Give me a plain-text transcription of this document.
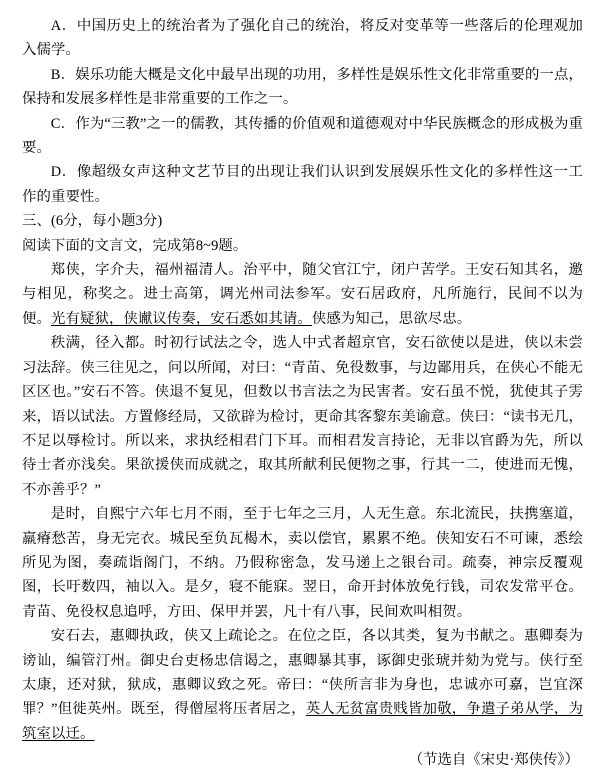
A．中国历史上的统治者为了强化自己的统治，将反对变革等一些落后的伦理观加入儒学。

B．娱乐功能大概是文化中最早出现的功用，多样性是娱乐性文化非常重要的一点，保持和发展多样性是非常重要的工作之一。

C．作为“三教”之一的儒教，其传播的价值观和道德观对中华民族概念的形成极为重要。

D．像超级女声这种文艺节目的出现让我们认识到发展娱乐性文化的多样性这一工作的重要性。

三、(6分，每小题3分)

阅读下面的文言文，完成第8~9题。

郑侠，字介夫，福州福清人。治平中，随父官江宁，闭户苦学。王安石知其名，邀与相见，称奖之。进士高第，调光州司法参军。安石居政府，凡所施行，民间不以为便。光有疑狱，侠谳议传奏，安石悉如其请。侠感为知己，思欲尽忠。

秩满，径入都。时初行试法之令，选人中式者超京官，安石欲使以是进，侠以未尝习法辞。侠三往见之，问以所闻，对曰：“青苗、免役数事，与边鄙用兵，在侠心不能无区区也。”安石不答。侠退不复见，但数以书言法之为民害者。安石虽不悦，犹使其子雱来，语以试法。方置修经局，又欲辟为检讨，更命其客黎东美谕意。侠曰：“读书无几，不足以辱检讨。所以来，求执经相君门下耳。而相君发言持论，无非以官爵为先，所以待士者亦浅矣。果欲援侠而成就之，取其所献利民便物之事，行其一二，使进而无愧，不亦善乎？”

是时，自熙宁六年七月不雨，至于七年之三月，人无生意。东北流民，扶携塞道，羸瘠愁苦，身无完衣。城民至负瓦楬木，卖以偿官，累累不绝。侠知安石不可谏，悉绘所见为图，奏疏诣阁门，不纳。乃假称密急，发马递上之银台司。疏奏，神宗反覆观图，长吁数四，袖以入。是夕，寝不能寐。翌日，命开封体放免行钱，司农发常平仓。青苗、免役权息追呼，方田、保甲并罢，凡十有八事，民间欢叫相贺。

安石去，惠卿执政，侠又上疏论之。在位之臣，各以其类，复为书献之。惠卿奏为谤讪，编管汀州。御史台吏杨忠信谒之，惠卿暴其事，诼御史张琥并劾为党与。侠行至太康，还对狱，狱成，惠卿议致之死。帝曰：“侠所言非为身也，忠诚亦可嘉，岂宜深罪？”但徙英州。既至，得僧屋将压者居之，英人无贫富贵贱皆加敬，争遣子弟从学，为筑室以迁。

（节选自《宋史·郑侠传》）
